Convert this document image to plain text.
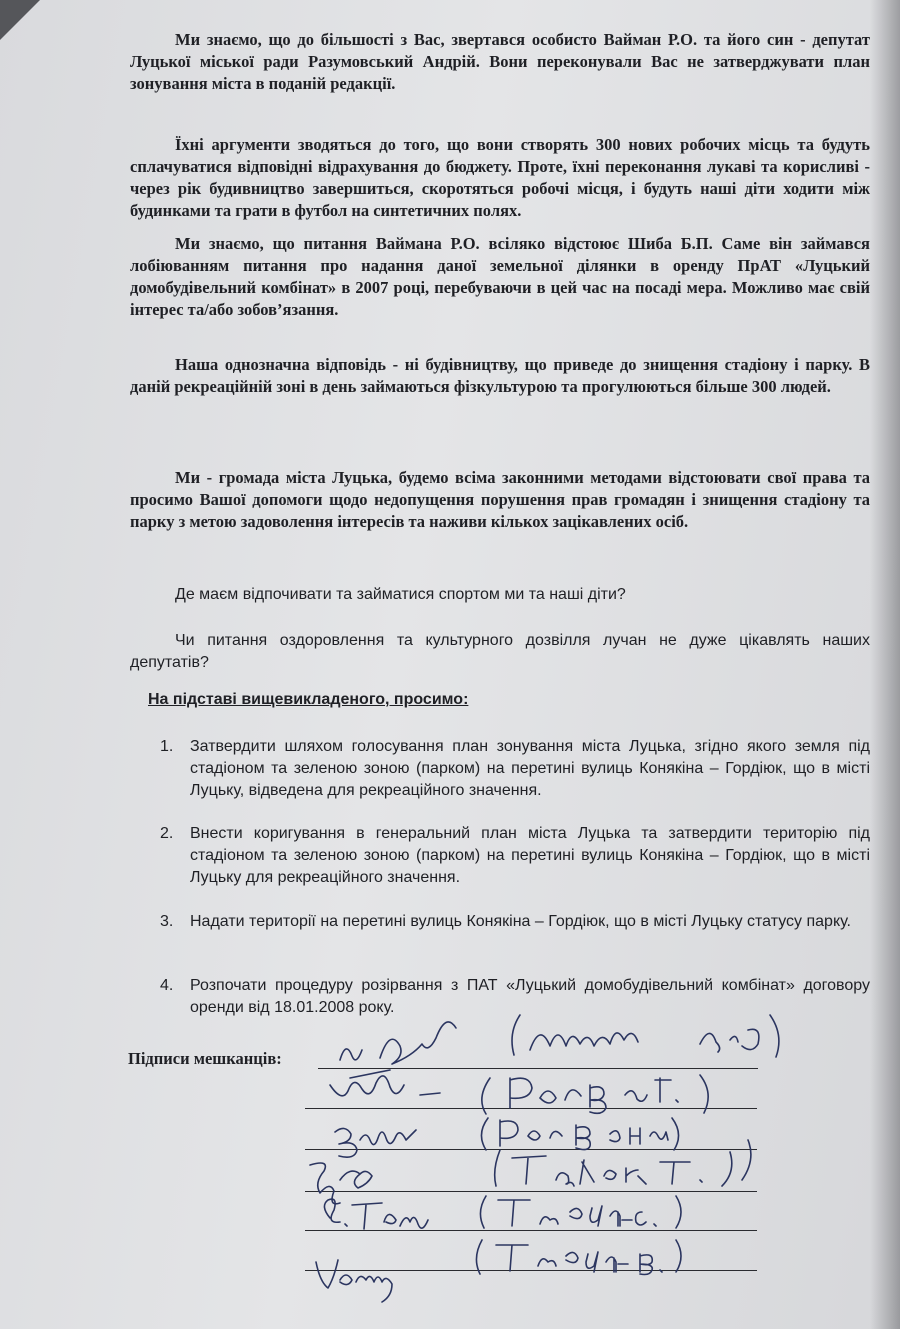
Ми знаємо, що до більшості з Вас, звертався особисто Вайман Р.О. та його син - депутат Луцької міської ради Разумовський Андрій. Вони переконували Вас не затверджувати план зонування міста в поданій редакції.

Їхні аргументи зводяться до того, що вони створять 300 нових робочих місць та будуть сплачуватися відповідні відрахування до бюджету. Проте, їхні переконання лукаві та корисливі - через рік будивництво завершиться, скоротяться робочі місця, і будуть наші діти ходити між будинками та грати в футбол на синтетичних полях.

Ми знаємо, що питання Ваймана Р.О. всіляко відстоює Шиба Б.П. Саме він займався лобіюванням питання про надання даної земельної ділянки в оренду ПрАТ «Луцький домобудівельний комбінат» в 2007 році, перебуваючи в цей час на посаді мера. Можливо має свій інтерес та/або зобов’язання.

Наша однозначна відповідь - ні будівництву, що приведе до знищення стадіону і парку. В даній рекреаційній зоні в день займаються фізкультурою та прогулюються більше 300 людей.

Ми - громада міста Луцька, будемо всіма законними методами відстоювати свої права та просимо Вашої допомоги щодо недопущення порушення прав громадян і знищення стадіону та парку з метою задоволення інтересів та наживи кількох зацікавлених осіб.

Де маєм відпочивати та займатися спортом ми та наші діти?

Чи питання оздоровлення та культурного дозвілля лучан не дуже цікавлять наших депутатів?

На підставі вищевикладеного, просимо:
1.	Затвердити шляхом голосування план зонування міста Луцька, згідно якого земля під стадіоном та зеленою зоною (парком) на перетині вулиць Конякіна – Гордіюк, що в місті Луцьку, відведена для рекреаційного значення.
2.	Внести коригування в генеральний план міста Луцька та затвердити територію під стадіоном та зеленою зоною (парком) на перетині вулиць Конякіна – Гордіюк, що в місті Луцьку для рекреаційного значення.
3.	Надати території на перетині вулиць Конякіна – Гордіюк, що в місті Луцьку статусу парку.
4.	Розпочати процедуру розірвання з ПАТ «Луцький домобудівельний комбінат» договору оренди від 18.01.2008 року.
Підписи мешканців:
